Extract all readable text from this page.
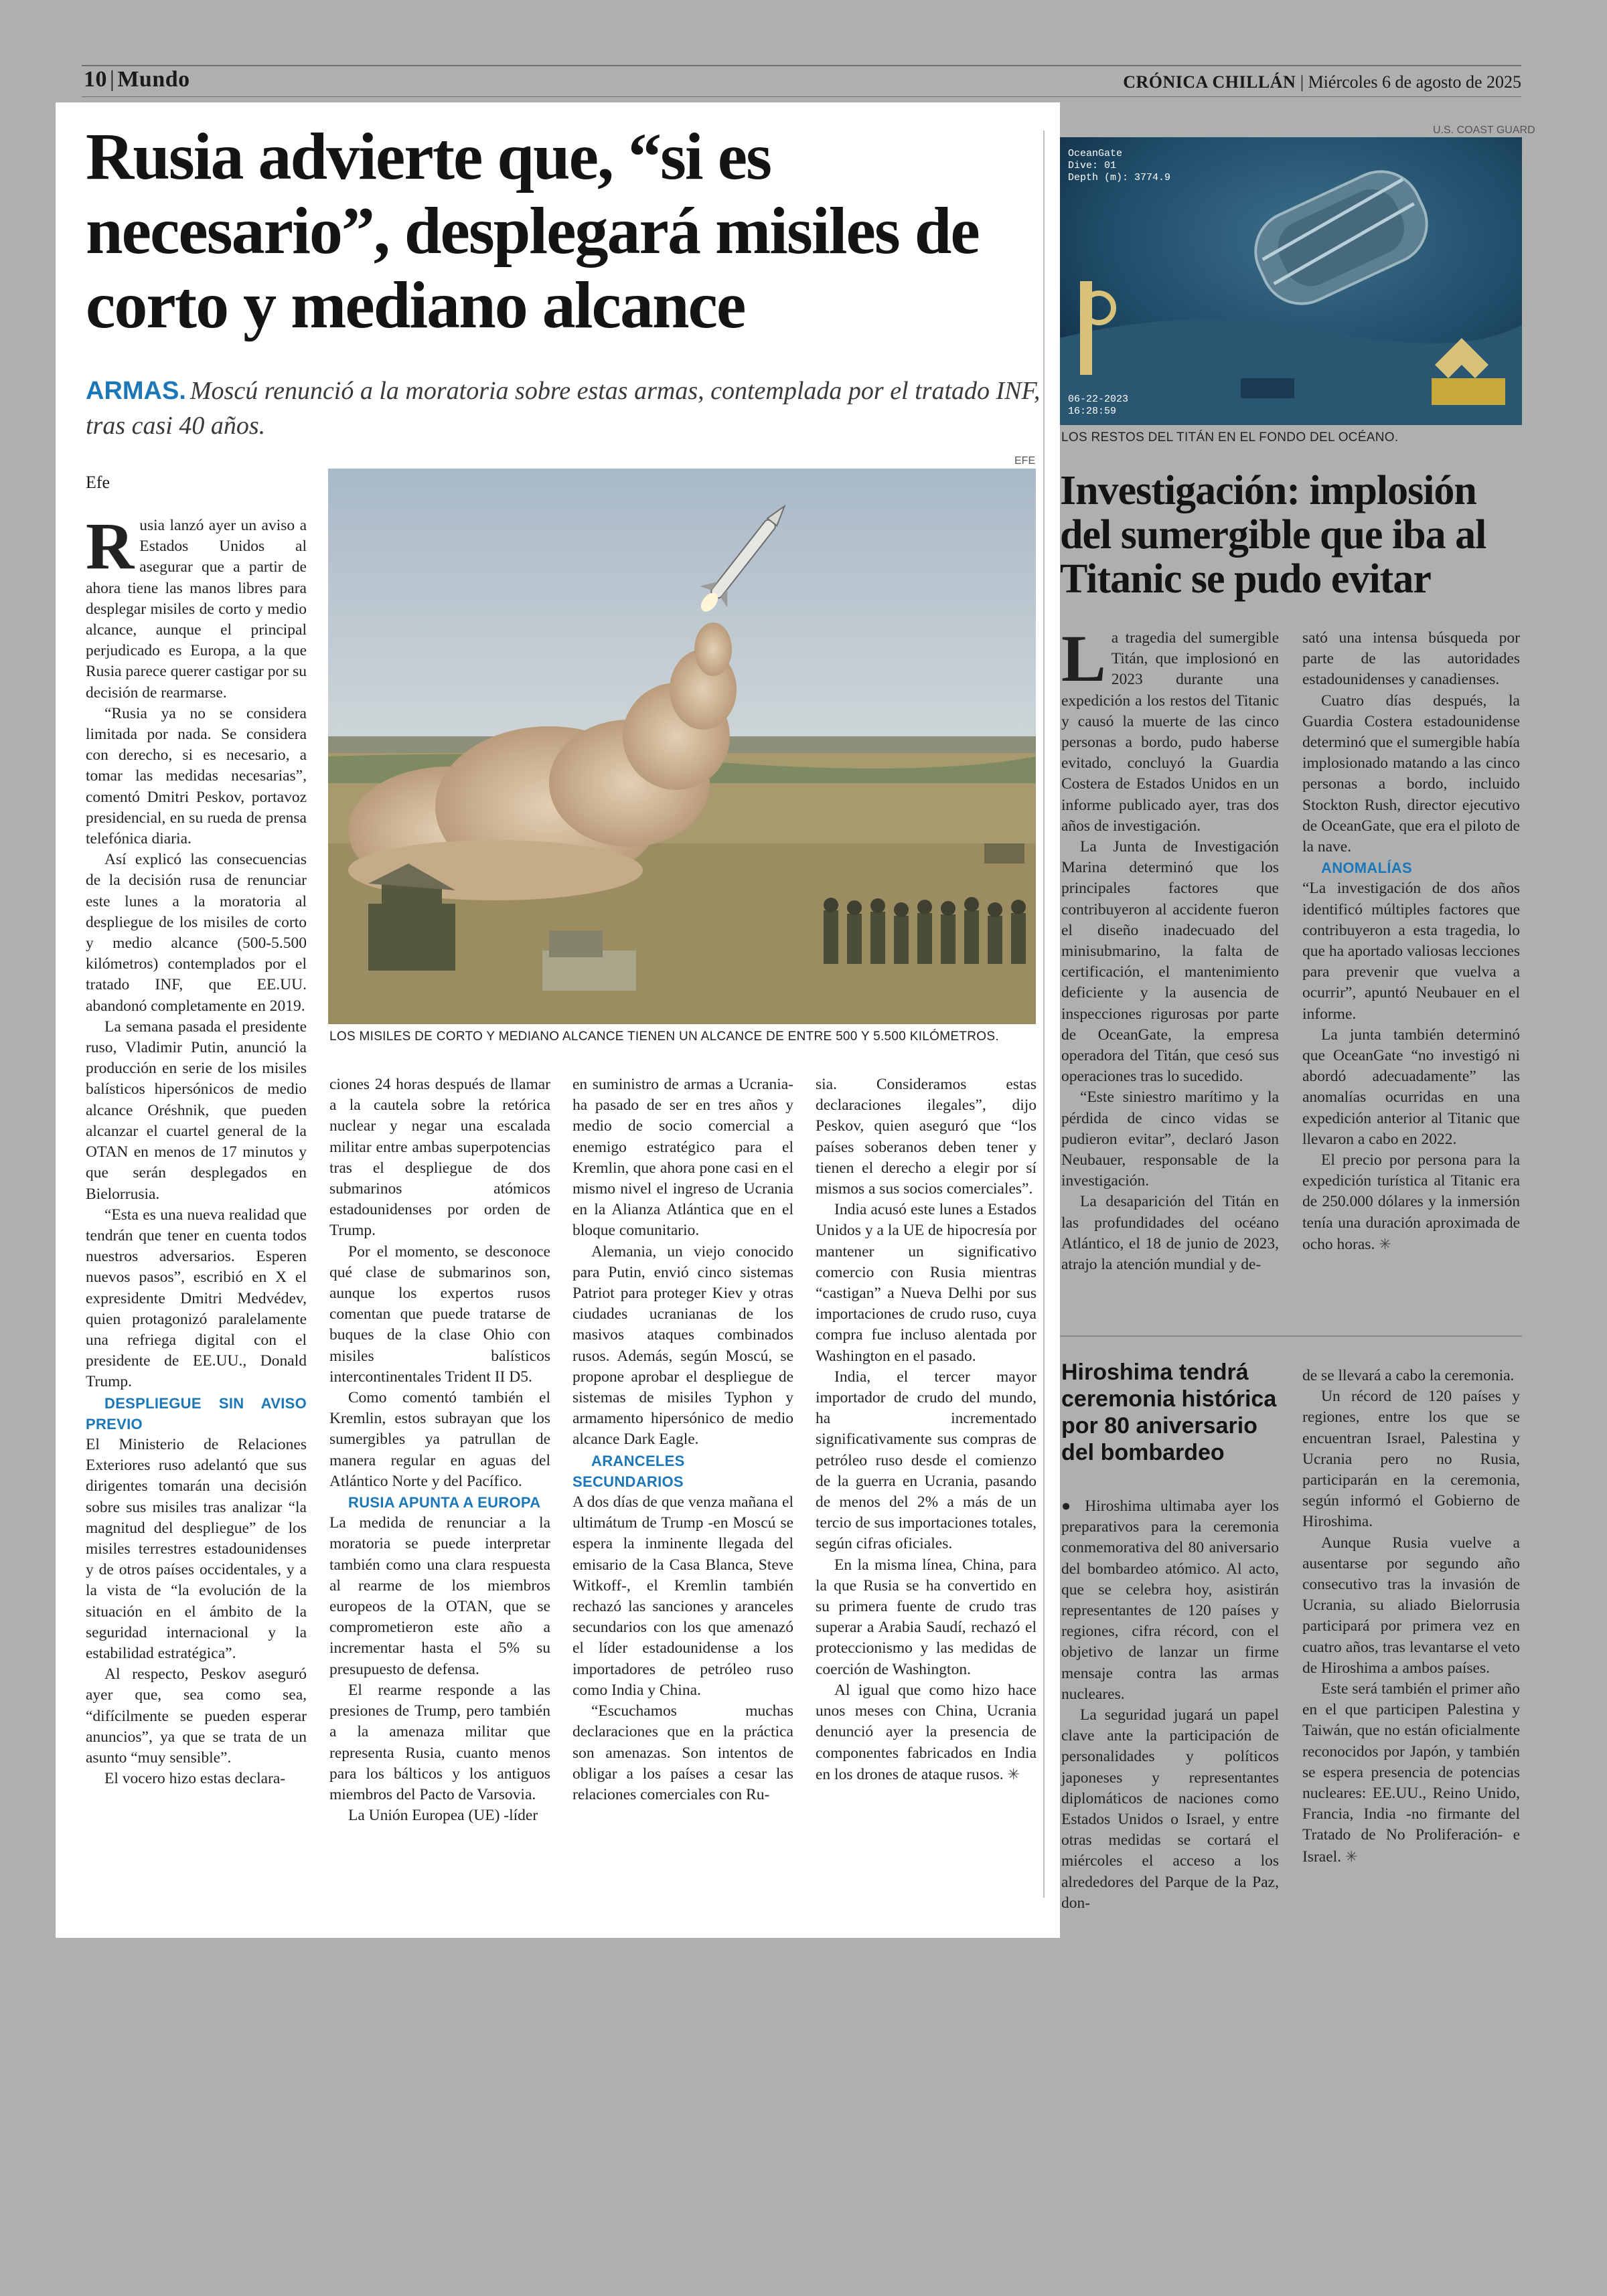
10 | Mundo	CRÓNICA CHILLÁN | Miércoles 6 de agosto de 2025
Rusia advierte que, “si es necesario”, desplegará misiles de corto y mediano alcance
ARMAS. Moscú renunció a la moratoria sobre estas armas, contemplada por el tratado INF, tras casi 40 años.
Efe
EFE
LOS MISILES DE CORTO Y MEDIANO ALCANCE TIENEN UN ALCANCE DE ENTRE 500 Y 5.500 KILÓMETROS.

Rusia lanzó ayer un aviso a Estados Unidos al asegurar que a partir de ahora tiene las manos libres para desplegar misiles de corto y medio alcance, aunque el principal perjudicado es Europa, a la que Rusia parece querer castigar por su decisión de rearmarse.

“Rusia ya no se considera limitada por nada. Se considera con derecho, si es necesario, a tomar las medidas necesarias”, comentó Dmitri Peskov, portavoz presidencial, en su rueda de prensa telefónica diaria.

Así explicó las consecuencias de la decisión rusa de renunciar este lunes a la moratoria al despliegue de los misiles de corto y medio alcance (500-5.500 kilómetros) contemplados por el tratado INF, que EE.UU. abandonó completamente en 2019.

La semana pasada el presidente ruso, Vladimir Putin, anunció la producción en serie de los misiles balísticos hipersónicos de medio alcance Oréshnik, que pueden alcanzar el cuartel general de la OTAN en menos de 17 minutos y que serán desplegados en Bielorrusia.

“Esta es una nueva realidad que tendrán que tener en cuenta todos nuestros adversarios. Esperen nuevos pasos”, escribió en X el expresidente Dmitri Medvédev, quien protagonizó paralelamente una refriega digital con el presidente de EE.UU., Donald Trump.

DESPLIEGUE SIN AVISO PREVIO

El Ministerio de Relaciones Exteriores ruso adelantó que sus dirigentes tomarán una decisión sobre sus misiles tras analizar “la magnitud del despliegue” de los misiles terrestres estadounidenses y de otros países occidentales, y a la vista de “la evolución de la situación en el ámbito de la seguridad internacional y la estabilidad estratégica”.

Al respecto, Peskov aseguró ayer que, sea como sea, “difícilmente se pueden esperar anuncios”, ya que se trata de un asunto “muy sensible”.

El vocero hizo estas declara-

ciones 24 horas después de llamar a la cautela sobre la retórica nuclear y negar una escalada militar entre ambas superpotencias tras el despliegue de dos submarinos atómicos estadounidenses por orden de Trump.

Por el momento, se desconoce qué clase de submarinos son, aunque los expertos rusos comentan que puede tratarse de buques de la clase Ohio con misiles balísticos intercontinentales Trident II D5.

Como comentó también el Kremlin, estos subrayan que los sumergibles ya patrullan de manera regular en aguas del Atlántico Norte y del Pacífico.

RUSIA APUNTA A EUROPA

La medida de renunciar a la moratoria se puede interpretar también como una clara respuesta al rearme de los miembros europeos de la OTAN, que se comprometieron este año a incrementar hasta el 5% su presupuesto de defensa.

El rearme responde a las presiones de Trump, pero también a la amenaza militar que representa Rusia, cuanto menos para los bálticos y los antiguos miembros del Pacto de Varsovia.

La Unión Europea (UE) -líder

en suministro de armas a Ucrania- ha pasado de ser en tres años y medio de socio comercial a enemigo estratégico para el Kremlin, que ahora pone casi en el mismo nivel el ingreso de Ucrania en la Alianza Atlántica que en el bloque comunitario.

Alemania, un viejo conocido para Putin, envió cinco sistemas Patriot para proteger Kiev y otras ciudades ucranianas de los masivos ataques combinados rusos. Además, según Moscú, se propone aprobar el despliegue de sistemas de misiles Typhon y armamento hipersónico de medio alcance Dark Eagle.

ARANCELES SECUNDARIOS

A dos días de que venza mañana el ultimátum de Trump -en Moscú se espera la inminente llegada del emisario de la Casa Blanca, Steve Witkoff-, el Kremlin también rechazó las sanciones y aranceles secundarios con los que amenazó el líder estadounidense a los importadores de petróleo ruso como India y China.

“Escuchamos muchas declaraciones que en la práctica son amenazas. Son intentos de obligar a los países a cesar las relaciones comerciales con Ru-

sia. Consideramos estas declaraciones ilegales”, dijo Peskov, quien aseguró que “los países soberanos deben tener y tienen el derecho a elegir por sí mismos a sus socios comerciales”.

India acusó este lunes a Estados Unidos y a la UE de hipocresía por mantener un significativo comercio con Rusia mientras “castigan” a Nueva Delhi por sus importaciones de crudo ruso, cuya compra fue incluso alentada por Washington en el pasado.

India, el tercer mayor importador de crudo del mundo, ha incrementado significativamente sus compras de petróleo ruso desde el comienzo de la guerra en Ucrania, pasando de menos del 2% a más de un tercio de sus importaciones totales, según cifras oficiales.

En la misma línea, China, para la que Rusia se ha convertido en su primera fuente de crudo tras superar a Arabia Saudí, rechazó el proteccionismo y las medidas de coerción de Washington.

Al igual que como hizo hace unos meses con China, Ucrania denunció ayer la presencia de componentes fabricados en India en los drones de ataque rusos. ✳

U.S. COAST GUARD
OceanGate
Dive: 01
Depth (m): 3774.9
06-22-2023
16:28:59
LOS RESTOS DEL TITÁN EN EL FONDO DEL OCÉANO.
Investigación: implosión del sumergible que iba al Titanic se pudo evitar

La tragedia del sumergible Titán, que implosionó en 2023 durante una expedición a los restos del Titanic y causó la muerte de las cinco personas a bordo, pudo haberse evitado, concluyó la Guardia Costera de Estados Unidos en un informe publicado ayer, tras dos años de investigación.

La Junta de Investigación Marina determinó que los principales factores que contribuyeron al accidente fueron el diseño inadecuado del minisubmarino, la falta de certificación, el mantenimiento deficiente y la ausencia de inspecciones rigurosas por parte de OceanGate, la empresa operadora del Titán, que cesó sus operaciones tras lo sucedido.

“Este siniestro marítimo y la pérdida de cinco vidas se pudieron evitar”, declaró Jason Neubauer, responsable de la investigación.

La desaparición del Titán en las profundidades del océano Atlántico, el 18 de junio de 2023, atrajo la atención mundial y de-

sató una intensa búsqueda por parte de las autoridades estadounidenses y canadienses.

Cuatro días después, la Guardia Costera estadounidense determinó que el sumergible había implosionado matando a las cinco personas a bordo, incluido Stockton Rush, director ejecutivo de OceanGate, que era el piloto de la nave.

ANOMALÍAS

“La investigación de dos años identificó múltiples factores que contribuyeron a esta tragedia, lo que ha aportado valiosas lecciones para prevenir que vuelva a ocurrir”, apuntó Neubauer en el informe.

La junta también determinó que OceanGate “no investigó ni abordó adecuadamente” las anomalías ocurridas en una expedición anterior al Titanic que llevaron a cabo en 2022.

El precio por persona para la expedición turística al Titanic era de 250.000 dólares y la inmersión tenía una duración aproximada de ocho horas. ✳

Hiroshima tendrá ceremonia histórica por 80 aniversario del bombardeo

● Hiroshima ultimaba ayer los preparativos para la ceremonia conmemorativa del 80 aniversario del bombardeo atómico. Al acto, que se celebra hoy, asistirán representantes de 120 países y regiones, cifra récord, con el objetivo de lanzar un firme mensaje contra las armas nucleares.

La seguridad jugará un papel clave ante la participación de personalidades y políticos japoneses y representantes diplomáticos de naciones como Estados Unidos o Israel, y entre otras medidas se cortará el miércoles el acceso a los alrededores del Parque de la Paz, don-

de se llevará a cabo la ceremonia.

Un récord de 120 países y regiones, entre los que se encuentran Israel, Palestina y Ucrania pero no Rusia, participarán en la ceremonia, según informó el Gobierno de Hiroshima.

Aunque Rusia vuelve a ausentarse por segundo año consecutivo tras la invasión de Ucrania, su aliado Bielorrusia participará por primera vez en cuatro años, tras levantarse el veto de Hiroshima a ambos países.

Este será también el primer año en el que participen Palestina y Taiwán, que no están oficialmente reconocidos por Japón, y también se espera presencia de potencias nucleares: EE.UU., Reino Unido, Francia, India -no firmante del Tratado de No Proliferación- e Israel. ✳
